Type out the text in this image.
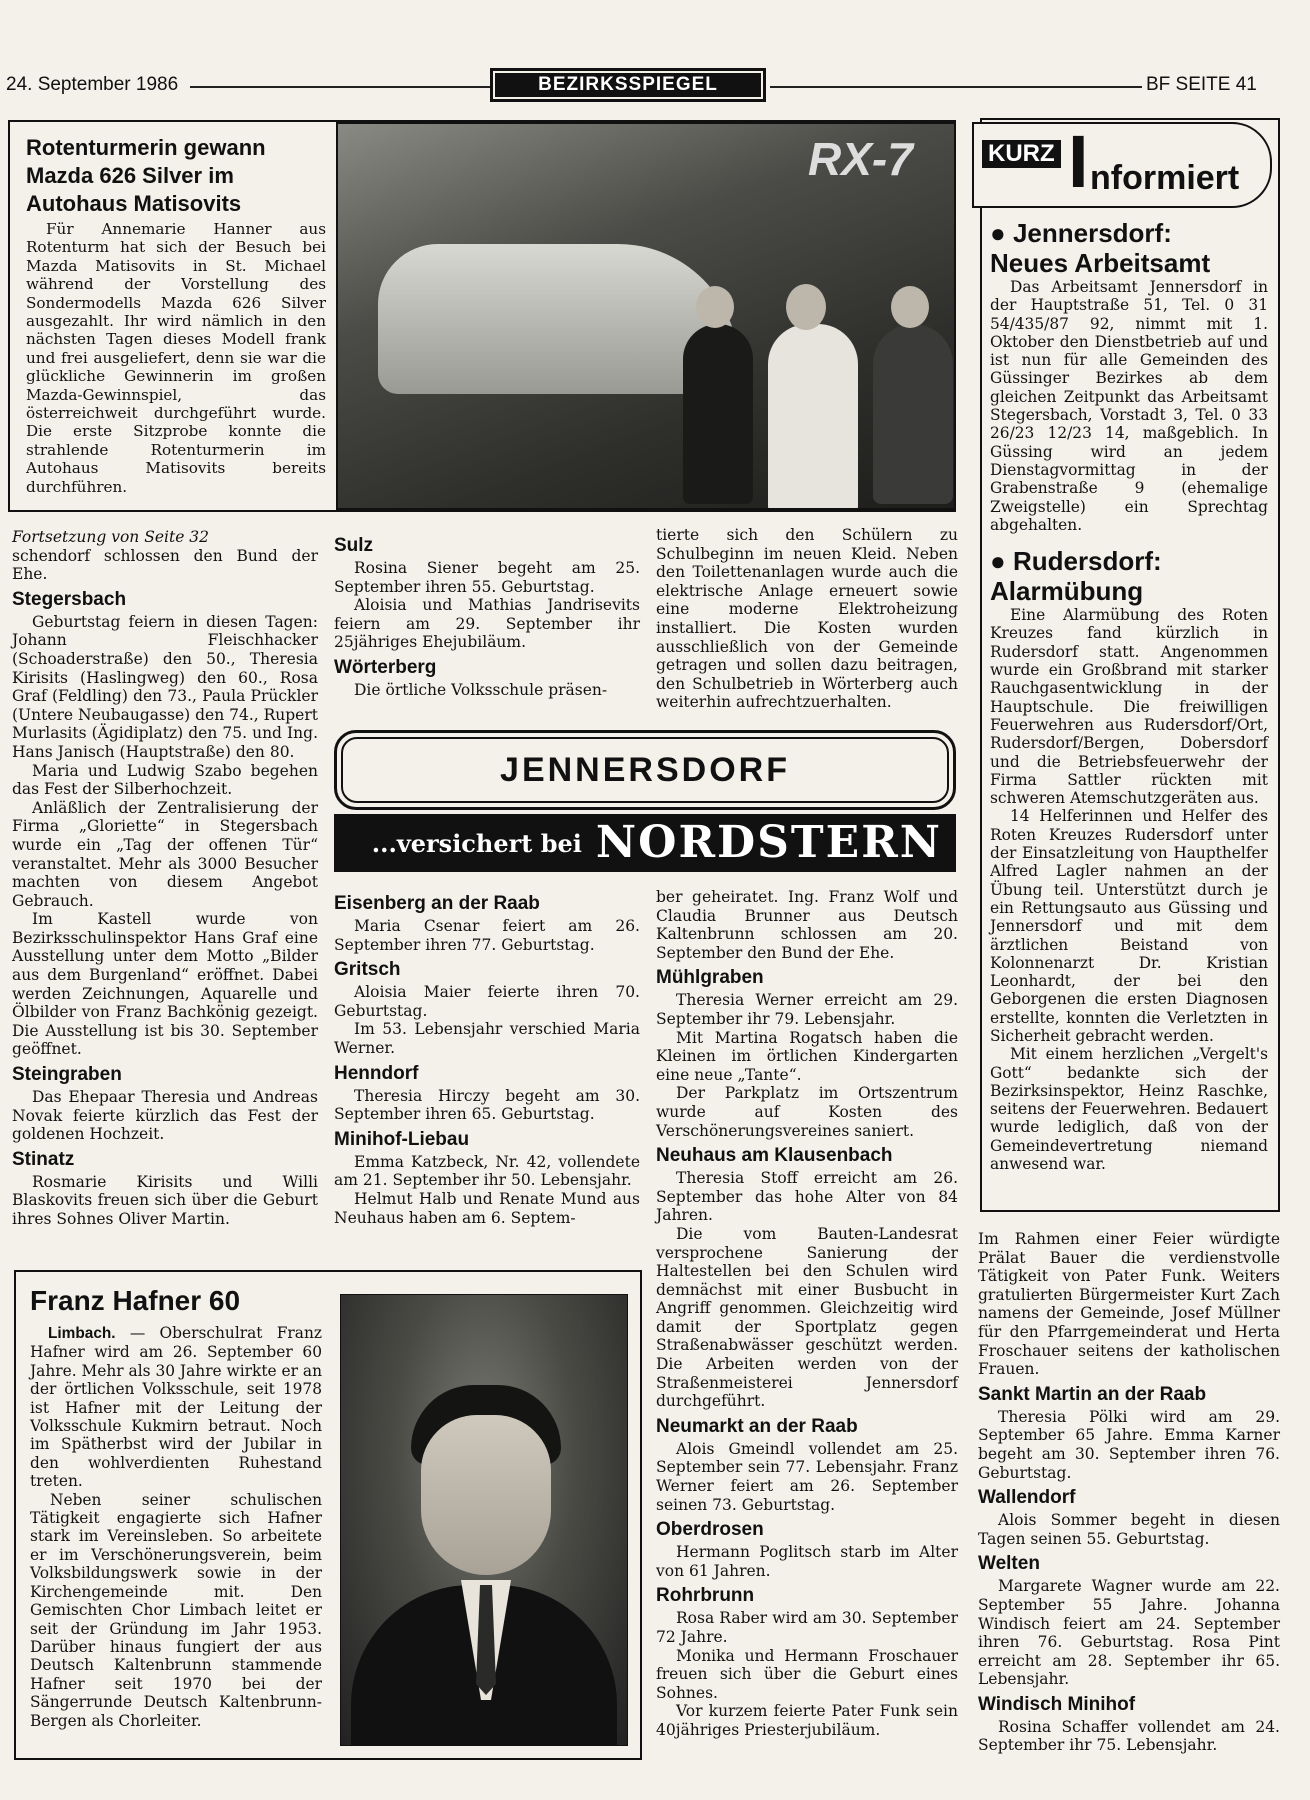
24. September 1986	BEZIRKSSPIEGEL	BF SEITE 41
Rotenturmerin gewann
Mazda 626 Silver im
Autohaus Matisovits

Für Annemarie Hanner aus Rotenturm hat sich der Besuch bei Mazda Matisovits in St. Michael während der Vorstellung des Sondermodells Mazda 626 Silver ausgezahlt. Ihr wird nämlich in den nächsten Tagen dieses Modell frank und frei ausgeliefert, denn sie war die glückliche Gewinnerin im großen Mazda-Gewinnspiel, das österreichweit durchgeführt wurde. Die erste Sitzprobe konnte die strahlende Rotenturmerin im Autohaus Matisovits bereits durchführen.

RX-7	KURZ I nformiert
● Jennersdorf:
Neues Arbeitsamt

Das Arbeitsamt Jennersdorf in der Hauptstraße 51, Tel. 0 31 54/435/87 92, nimmt mit 1. Oktober den Dienstbetrieb auf und ist nun für alle Gemeinden des Güssinger Bezirkes ab dem gleichen Zeitpunkt das Arbeitsamt Stegersbach, Vorstadt 3, Tel. 0 33 26/23 12/23 14, maßgeblich. In Güssing wird an jedem Dienstagvormittag in der Grabenstraße 9 (ehemalige Zweigstelle) ein Sprechtag abgehalten.

● Rudersdorf:
Alarmübung

Eine Alarmübung des Roten Kreuzes fand kürzlich in Rudersdorf statt. Angenommen wurde ein Großbrand mit starker Rauchgasentwicklung in der Hauptschule. Die freiwilligen Feuerwehren aus Rudersdorf/Ort, Rudersdorf/Bergen, Dobersdorf und die Betriebsfeuerwehr der Firma Sattler rückten mit schweren Atemschutzgeräten aus.

14 Helferinnen und Helfer des Roten Kreuzes Rudersdorf unter der Einsatzleitung von Haupthelfer Alfred Lagler nahmen an der Übung teil. Unterstützt durch je ein Rettungsauto aus Güssing und Jennersdorf und mit dem ärztlichen Beistand von Kolonnenarzt Dr. Kristian Leonhardt, der bei den Geborgenen die ersten Diagnosen erstellte, konnten die Verletzten in Sicherheit gebracht werden.

Mit einem herzlichen „Vergelt's Gott“ bedankte sich der Bezirksinspektor, Heinz Raschke, seitens der Feuerwehren. Bedauert wurde lediglich, daß von der Gemeindevertretung niemand anwesend war.

Fortsetzung von Seite 32

schendorf schlossen den Bund der Ehe.

Stegersbach

Geburtstag feiern in diesen Tagen: Johann Fleischhacker (Schoaderstraße) den 50., Theresia Kirisits (Haslingweg) den 60., Rosa Graf (Feldling) den 73., Paula Prückler (Untere Neubaugasse) den 74., Rupert Murlasits (Ägidiplatz) den 75. und Ing. Hans Janisch (Hauptstraße) den 80.

Maria und Ludwig Szabo begehen das Fest der Silberhochzeit.

Anläßlich der Zentralisierung der Firma „Gloriette“ in Stegersbach wurde ein „Tag der offenen Tür“ veranstaltet. Mehr als 3000 Besucher machten von diesem Angebot Gebrauch.

Im Kastell wurde von Bezirksschulinspektor Hans Graf eine Ausstellung unter dem Motto „Bilder aus dem Burgenland“ eröffnet. Dabei werden Zeichnungen, Aquarelle und Ölbilder von Franz Bachkönig gezeigt. Die Ausstellung ist bis 30. September geöffnet.

Steingraben

Das Ehepaar Theresia und Andreas Novak feierte kürzlich das Fest der goldenen Hochzeit.

Stinatz

Rosmarie Kirisits und Willi Blaskovits freuen sich über die Geburt ihres Sohnes Oliver Martin.

Sulz

Rosina Siener begeht am 25. September ihren 55. Geburtstag.

Aloisia und Mathias Jandrisevits feiern am 29. September ihr 25jähriges Ehejubiläum.

Wörterberg

Die örtliche Volksschule präsen-

tierte sich den Schülern zu Schulbeginn im neuen Kleid. Neben den Toilettenanlagen wurde auch die elektrische Anlage erneuert sowie eine moderne Elektroheizung installiert. Die Kosten wurden ausschließlich von der Gemeinde getragen und sollen dazu beitragen, den Schulbetrieb in Wörterberg auch weiterhin aufrechtzuerhalten.

JENNERSDORF
...versichert bei NORDSTERN
Eisenberg an der Raab

Maria Csenar feiert am 26. September ihren 77. Geburtstag.

Gritsch

Aloisia Maier feierte ihren 70. Geburtstag.

Im 53. Lebensjahr verschied Maria Werner.

Henndorf

Theresia Hirczy begeht am 30. September ihren 65. Geburtstag.

Minihof-Liebau

Emma Katzbeck, Nr. 42, vollendete am 21. September ihr 50. Lebensjahr.

Helmut Halb und Renate Mund aus Neuhaus haben am 6. Septem-

ber geheiratet. Ing. Franz Wolf und Claudia Brunner aus Deutsch Kaltenbrunn schlossen am 20. September den Bund der Ehe.

Mühlgraben

Theresia Werner erreicht am 29. September ihr 79. Lebensjahr.

Mit Martina Rogatsch haben die Kleinen im örtlichen Kindergarten eine neue „Tante“.

Der Parkplatz im Ortszentrum wurde auf Kosten des Verschönerungsvereines saniert.

Neuhaus am Klausenbach

Theresia Stoff erreicht am 26. September das hohe Alter von 84 Jahren.

Die vom Bauten-Landesrat versprochene Sanierung der Haltestellen bei den Schulen wird demnächst mit einer Busbucht in Angriff genommen. Gleichzeitig wird damit der Sportplatz gegen Straßenabwässer geschützt werden. Die Arbeiten werden von der Straßenmeisterei Jennersdorf durchgeführt.

Neumarkt an der Raab

Alois Gmeindl vollendet am 25. September sein 77. Lebensjahr. Franz Werner feiert am 26. September seinen 73. Geburtstag.

Oberdrosen

Hermann Poglitsch starb im Alter von 61 Jahren.

Rohrbrunn

Rosa Raber wird am 30. September 72 Jahre.

Monika und Hermann Froschauer freuen sich über die Geburt eines Sohnes.

Vor kurzem feierte Pater Funk sein 40jähriges Priesterjubiläum.

Im Rahmen einer Feier würdigte Prälat Bauer die verdienstvolle Tätigkeit von Pater Funk. Weiters gratulierten Bürgermeister Kurt Zach namens der Gemeinde, Josef Müllner für den Pfarrgemeinderat und Herta Froschauer seitens der katholischen Frauen.

Sankt Martin an der Raab

Theresia Pölki wird am 29. September 65 Jahre. Emma Karner begeht am 30. September ihren 76. Geburtstag.

Wallendorf

Alois Sommer begeht in diesen Tagen seinen 55. Geburtstag.

Welten

Margarete Wagner wurde am 22. September 55 Jahre. Johanna Windisch feiert am 24. September ihren 76. Geburtstag. Rosa Pint erreicht am 28. September ihr 65. Lebensjahr.

Windisch Minihof

Rosina Schaffer vollendet am 24. September ihr 75. Lebensjahr.

Franz Hafner 60

Limbach. — Oberschulrat Franz Hafner wird am 26. September 60 Jahre. Mehr als 30 Jahre wirkte er an der örtlichen Volksschule, seit 1978 ist Hafner mit der Leitung der Volksschule Kukmirn betraut. Noch im Spätherbst wird der Jubilar in den wohlverdienten Ruhestand treten.

Neben seiner schulischen Tätigkeit engagierte sich Hafner stark im Vereinsleben. So arbeitete er im Verschönerungsverein, beim Volksbildungswerk sowie in der Kirchengemeinde mit. Den Gemischten Chor Limbach leitet er seit der Gründung im Jahr 1953. Darüber hinaus fungiert der aus Deutsch Kaltenbrunn stammende Hafner seit 1970 bei der Sängerrunde Deutsch Kaltenbrunn-Bergen als Chorleiter.
